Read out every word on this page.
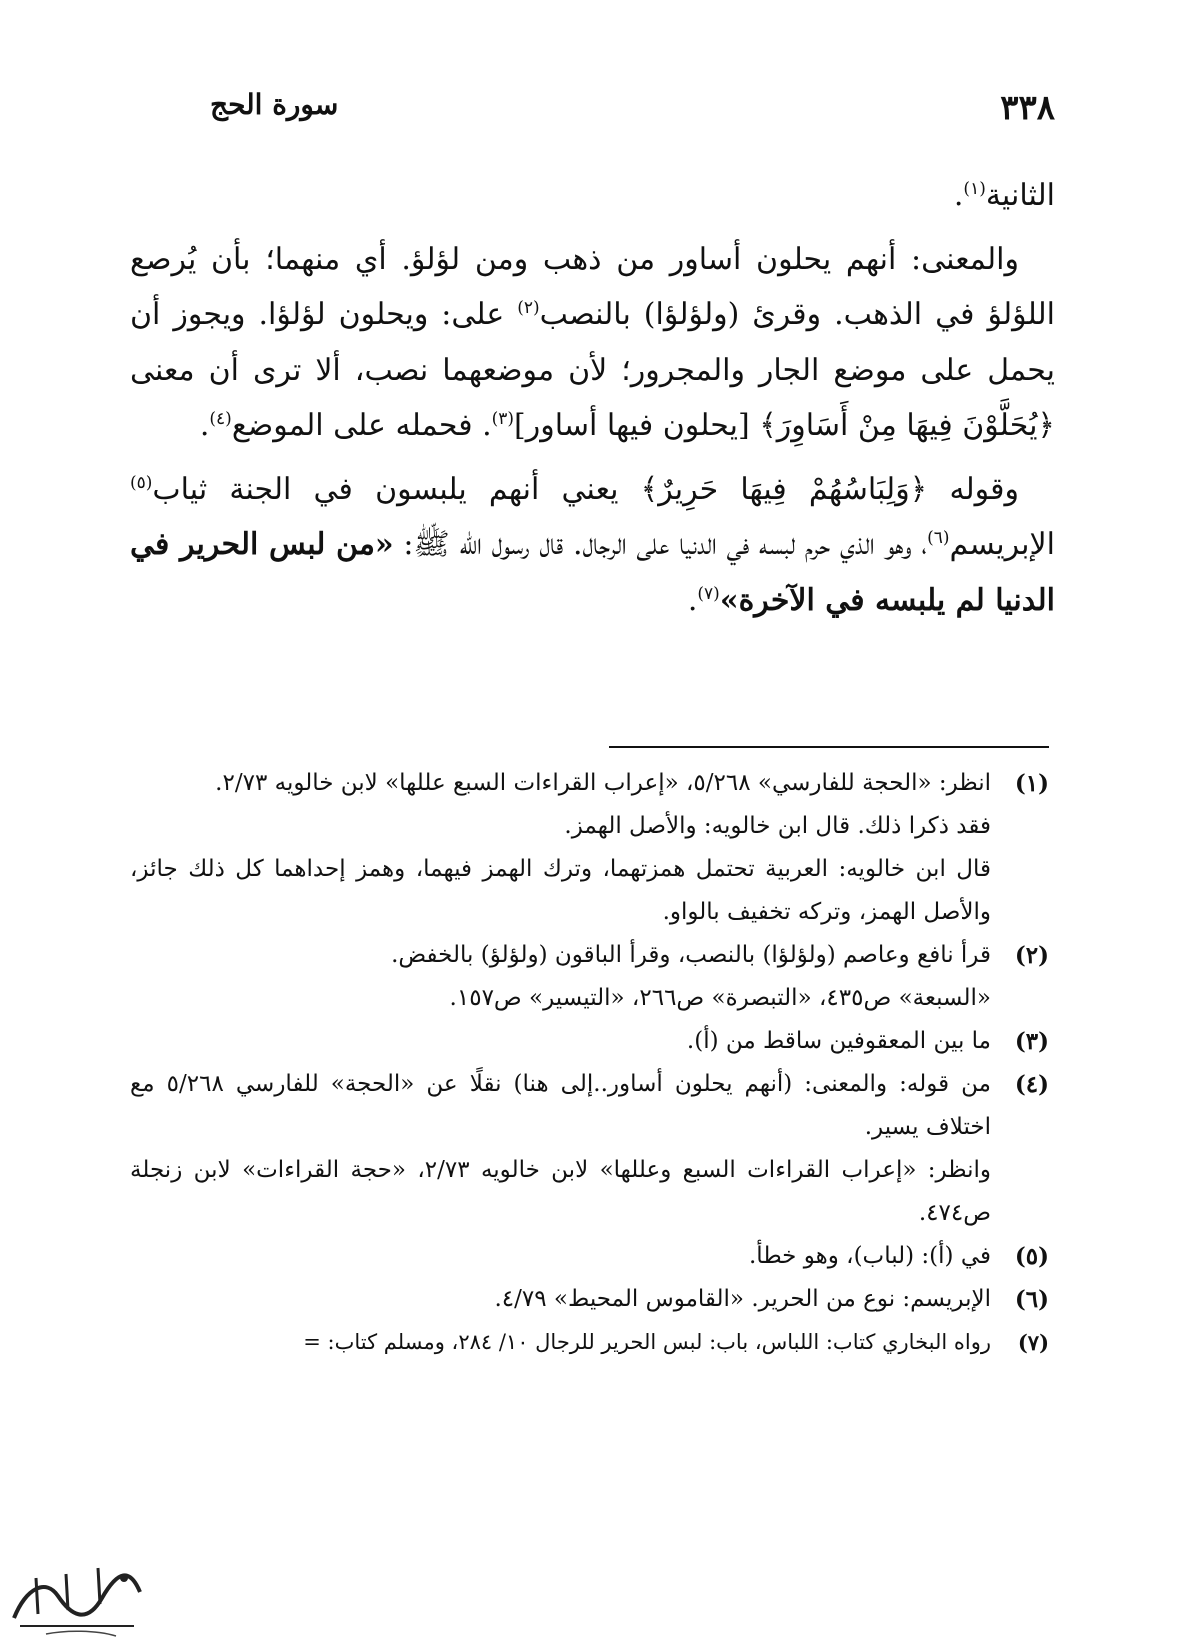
٣٣٨
سورة الحج

الثانية$^{(١)}$.

والمعنى: أنهم يحلون أساور من ذهب ومن لؤلؤ. أي منهما؛ بأن يُرصع اللؤلؤ في الذهب. وقرئ (ولؤلؤا) بالنصب$^{(٢)}$ على: ويحلون لؤلؤا. ويجوز أن يحمل على موضع الجار والمجرور؛ لأن موضعهما نصب، ألا ترى أن معنى ﴿يُحَلَّوْنَ فِيهَا مِنْ أَسَاوِرَ﴾ [يحلون فيها أساور]$^{(٣)}$. فحمله على الموضع$^{(٤)}$.

وقوله ﴿وَلِبَاسُهُمْ فِيهَا حَرِيرٌ﴾ يعني أنهم يلبسون في الجنة ثياب$^{(٥)}$ الإبريسم$^{(٦)}$، وهو الذي حرم لبسه في الدنيا على الرجال. قال رسول الله ﷺ: «من لبس الحرير في الدنيا لم يلبسه في الآخرة»$^{(٧)}$.

(١)
انظر: «الحجة للفارسي» ٥/٢٦٨، «إعراب القراءات السبع عللها» لابن خالويه ٢/٧٣.
فقد ذكرا ذلك. قال ابن خالويه: والأصل الهمز.
قال ابن خالويه: العربية تحتمل همزتهما، وترك الهمز فيهما، وهمز إحداهما كل ذلك جائز، والأصل الهمز، وتركه تخفيف بالواو.
(٢)
قرأ نافع وعاصم (ولؤلؤا) بالنصب، وقرأ الباقون (ولؤلؤ) بالخفض.
«السبعة» ص٤٣٥، «التبصرة» ص٢٦٦، «التيسير» ص١٥٧.
(٣)
ما بين المعقوفين ساقط من (أ).
(٤)
من قوله: والمعنى: (أنهم يحلون أساور..إلى هنا) نقلًا عن «الحجة» للفارسي ٥/٢٦٨ مع اختلاف يسير.
وانظر: «إعراب القراءات السبع وعللها» لابن خالويه ٢/٧٣، «حجة القراءات» لابن زنجلة ص٤٧٤.
(٥)
في (أ): (لباب)، وهو خطأ.
(٦)
الإبريسم: نوع من الحرير. «القاموس المحيط» ٤/٧٩.
(٧)
رواه البخاري كتاب: اللباس، باب: لبس الحرير للرجال ١٠/ ٢٨٤، ومسلم كتاب: =
